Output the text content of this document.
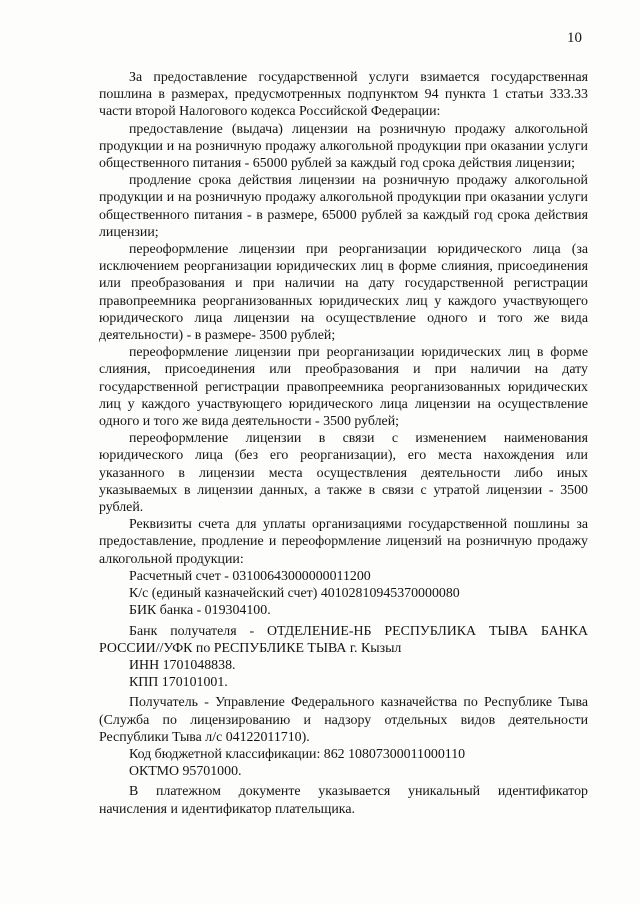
10

За предоставление государственной услуги взимается государственная пошлина в размерах, предусмотренных подпунктом 94 пункта 1 статьи 333.33 части второй Налогового кодекса Российской Федерации:

предоставление (выдача) лицензии на розничную продажу алкогольной продукции и на розничную продажу алкогольной продукции при оказании услуги общественного питания - 65000 рублей за каждый год срока действия лицензии;

продление срока действия лицензии на розничную продажу алкогольной продукции и на розничную продажу алкогольной продукции при оказании услуги общественного питания - в размере, 65000 рублей за каждый год срока действия лицензии;

переоформление лицензии при реорганизации юридического лица (за исключением реорганизации юридических лиц в форме слияния, присоединения или преобразования и при наличии на дату государственной регистрации правопреемника реорганизованных юридических лиц у каждого участвующего юридического лица лицензии на осуществление одного и того же вида деятельности) - в размере- 3500 рублей;

переоформление лицензии при реорганизации юридических лиц в форме слияния, присоединения или преобразования и при наличии на дату государственной регистрации правопреемника реорганизованных юридических лиц у каждого участвующего юридического лица лицензии на осуществление одного и того же вида деятельности - 3500 рублей;

переоформление лицензии в связи с изменением наименования юридического лица (без его реорганизации), его места нахождения или указанного в лицензии места осуществления деятельности либо иных указываемых в лицензии данных, а также в связи с утратой лицензии - 3500 рублей.

Реквизиты счета для уплаты организациями государственной пошлины за предоставление, продление и переоформление лицензий на розничную продажу алкогольной продукции:

Расчетный счет - 03100643000000011200

К/с (единый казначейский счет) 40102810945370000080

БИК банка - 019304100.

Банк получателя - ОТДЕЛЕНИЕ-НБ РЕСПУБЛИКА ТЫВА БАНКА РОССИИ//УФК по РЕСПУБЛИКЕ ТЫВА г. Кызыл

ИНН 1701048838.

КПП 170101001.

Получатель - Управление Федерального казначейства по Республике Тыва (Служба по лицензированию и надзору отдельных видов деятельности Республики Тыва л/с 04122011710).

Код бюджетной классификации: 862 10807300011000110

ОКТМО 95701000.

В платежном документе указывается уникальный идентификатор начисления и идентификатор плательщика.
